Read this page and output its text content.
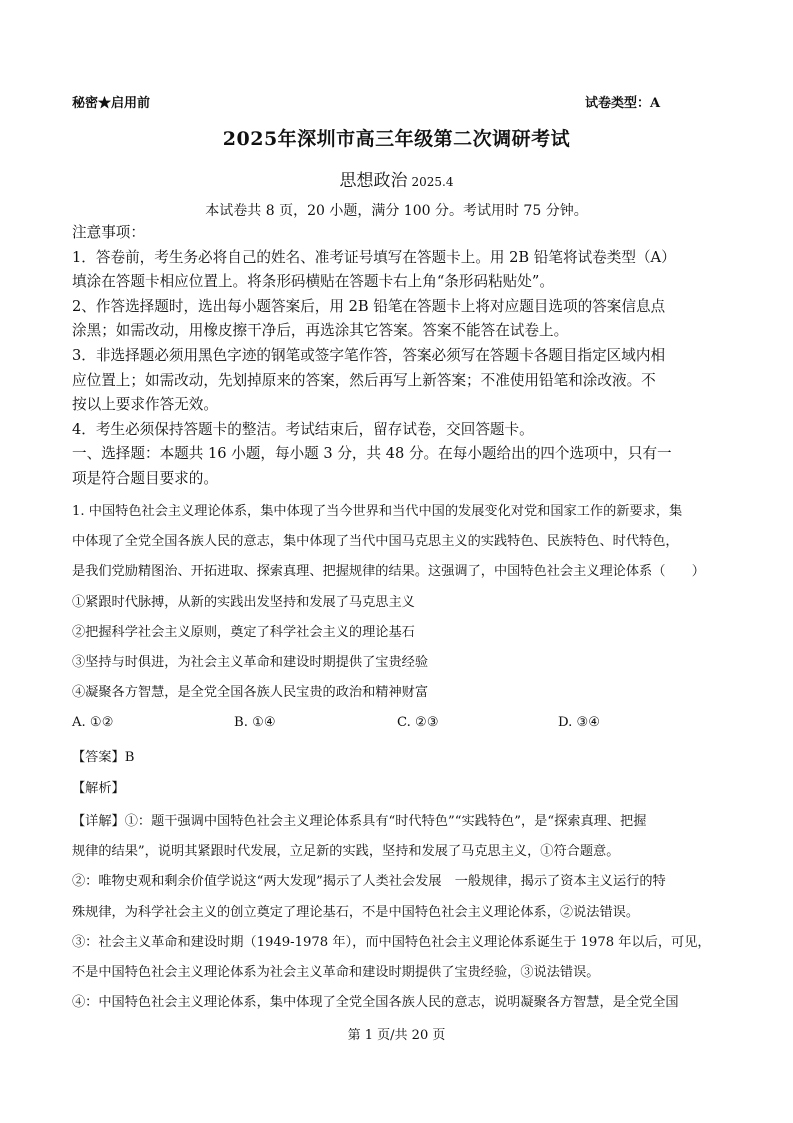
秘密★启用前	试卷类型：A
2025年深圳市高三年级第二次调研考试
思想政治 2025.4
本试卷共 8 页，20 小题，满分 100 分。考试用时 75 分钟。

注意事项：

1．答卷前，考生务必将自己的姓名、准考证号填写在答题卡上。用 2B 铅笔将试卷类型（A）

填涂在答题卡相应位置上。将条形码横贴在答题卡右上角“条形码粘贴处”。

2、作答选择题时，选出每小题答案后，用 2B 铅笔在答题卡上将对应题目选项的答案信息点

涂黑；如需改动，用橡皮擦干净后，再选涂其它答案。答案不能答在试卷上。

3．非选择题必须用黑色字迹的钢笔或签字笔作答，答案必须写在答题卡各题目指定区域内相

应位置上；如需改动，先划掉原来的答案，然后再写上新答案；不准使用铅笔和涂改液。不

按以上要求作答无效。

4．考生必须保持答题卡的整洁。考试结束后，留存试卷，交回答题卡。

一、选择题：本题共 16 小题，每小题 3 分，共 48 分。在每小题给出的四个选项中，只有一

项是符合题目要求的。

1. 中国特色社会主义理论体系，集中体现了当今世界和当代中国的发展变化对党和国家工作的新要求，集

中体现了全党全国各族人民的意志，集中体现了当代中国马克思主义的实践特色、民族特色、时代特色，

是我们党励精图治、开拓进取、探索真理、把握规律的结果。这强调了，中国特色社会主义理论体系（　　）

①紧跟时代脉搏，从新的实践出发坚持和发展了马克思主义

②把握科学社会主义原则，奠定了科学社会主义的理论基石

③坚持与时俱进，为社会主义革命和建设时期提供了宝贵经验

④凝聚各方智慧，是全党全国各族人民宝贵的政治和精神财富

A. ①②	B. ①④	C. ②③	D. ③④
【答案】B
【解析】

【详解】①：题干强调中国特色社会主义理论体系具有“时代特色”“实践特色”，是“探索真理、把握

规律的结果”，说明其紧跟时代发展，立足新的实践，坚持和发展了马克思主义，①符合题意。

②：唯物史观和剩余价值学说这“两大发现”揭示了人类社会发展　一般规律，揭示了资本主义运行的特

殊规律，为科学社会主义的创立奠定了理论基石，不是中国特色社会主义理论体系，②说法错误。

③：社会主义革命和建设时期（1949-1978 年），而中国特色社会主义理论体系诞生于 1978 年以后，可见，

不是中国特色社会主义理论体系为社会主义革命和建设时期提供了宝贵经验，③说法错误。

④：中国特色社会主义理论体系，集中体现了全党全国各族人民的意志，说明凝聚各方智慧，是全党全国

第 1 页/共 20 页
